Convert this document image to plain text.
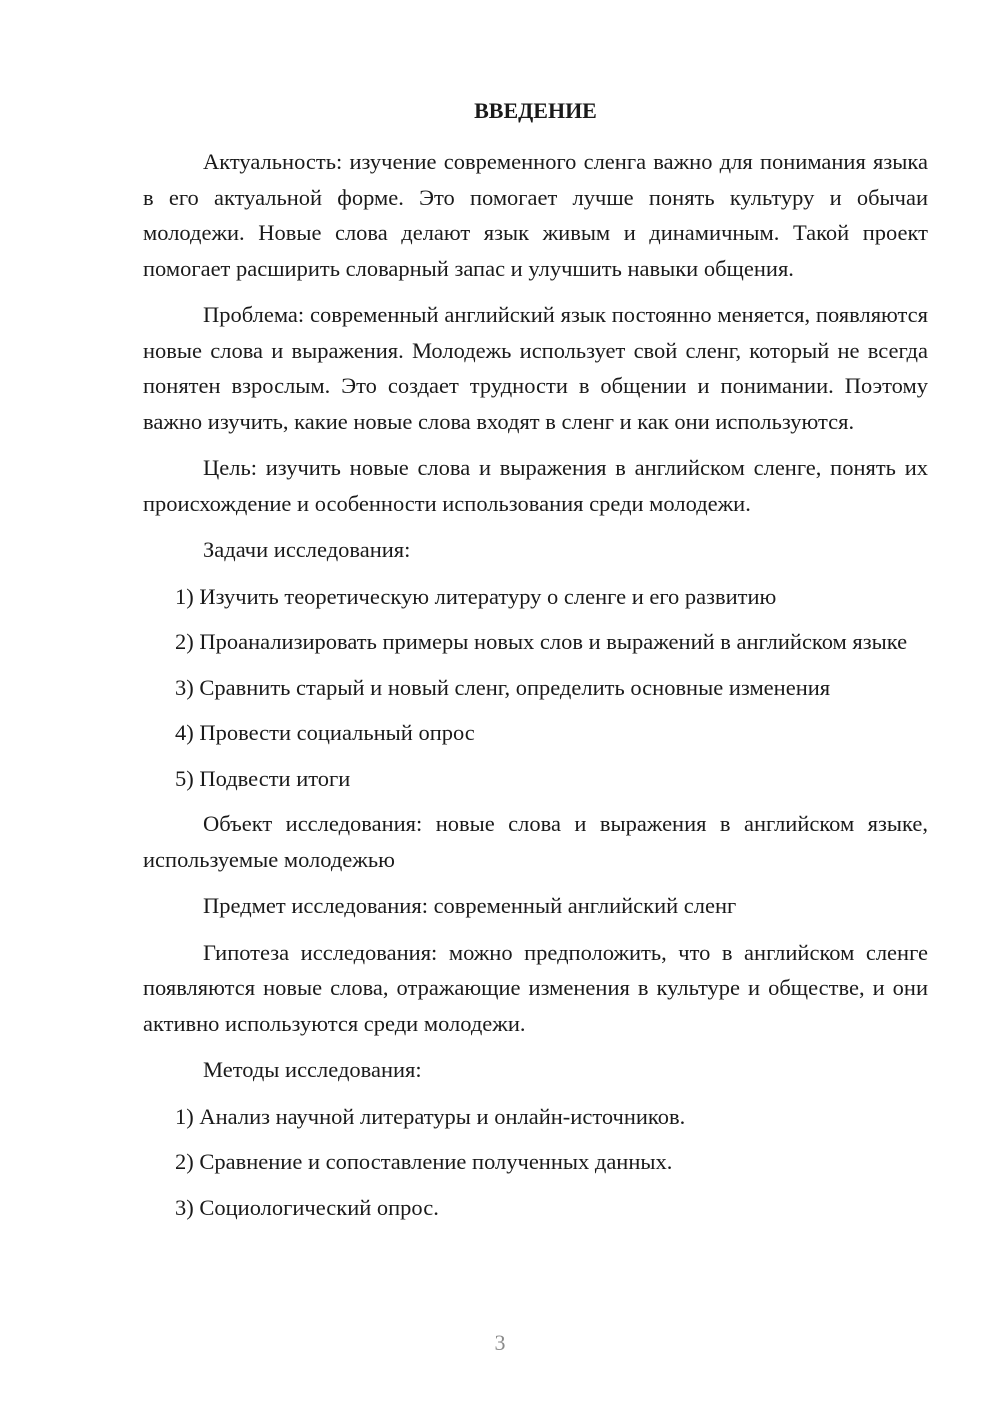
ВВЕДЕНИЕ

Актуальность: изучение современного сленга важно для понимания языка в его актуальной форме. Это помогает лучше понять культуру и обычаи молодежи. Новые слова делают язык живым и динамичным. Такой проект помогает расширить словарный запас и улучшить навыки общения.

Проблема: современный английский язык постоянно меняется, появляются новые слова и выражения. Молодежь использует свой сленг, который не всегда понятен взрослым. Это создает трудности в общении и понимании. Поэтому важно изучить, какие новые слова входят в сленг и как они используются.

Цель: изучить новые слова и выражения в английском сленге, понять их происхождение и особенности использования среди молодежи.

Задачи исследования:

1) Изучить теоретическую литературу о сленге и его развитию

2) Проанализировать примеры новых слов и выражений в английском языке

3) Сравнить старый и новый сленг, определить основные изменения

4) Провести социальный опрос

5) Подвести итоги

Объект исследования: новые слова и выражения в английском языке, используемые молодежью

Предмет исследования: современный английский сленг

Гипотеза исследования: можно предположить, что в английском сленге появляются новые слова, отражающие изменения в культуре и обществе, и они активно используются среди молодежи.

Методы исследования:

1) Анализ научной литературы и онлайн-источников.

2) Сравнение и сопоставление полученных данных.

3) Социологический опрос.

3
